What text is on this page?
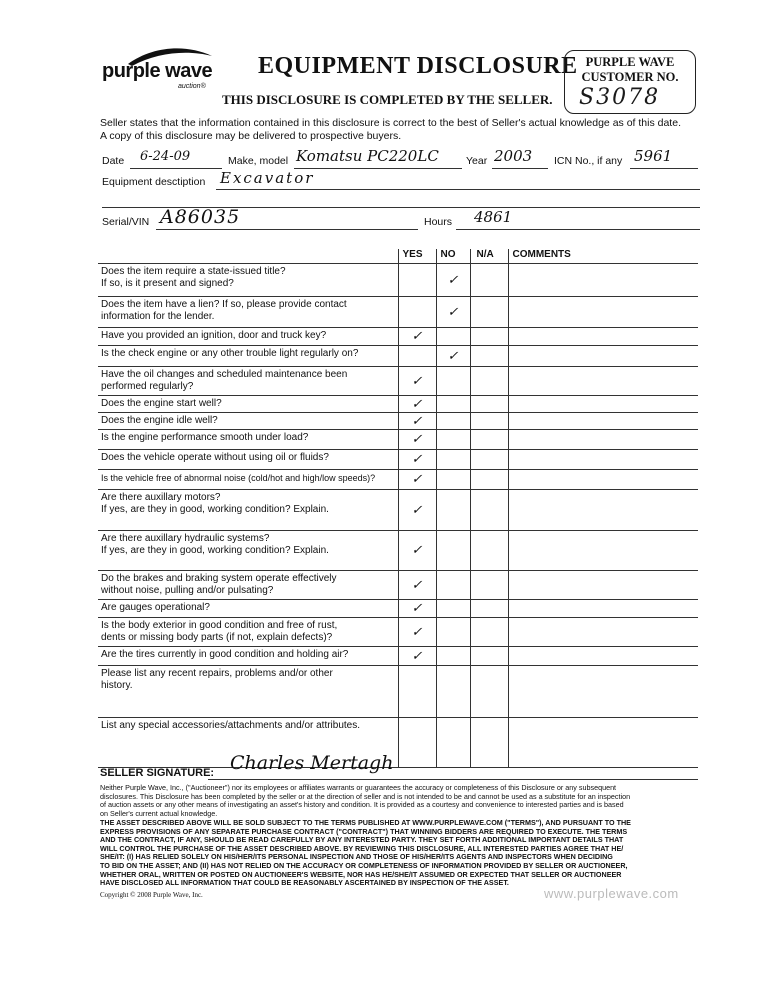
purple wave
auction®
EQUIPMENT DISCLOSURE
THIS DISCLOSURE IS COMPLETED BY THE SELLER.
PURPLE WAVE
CUSTOMER NO.
S3078
Seller states that the information contained in this disclosure is correct to the best of Seller's actual knowledge as of this date.
A copy of this disclosure may be delivered to prospective buyers.
Date 6-24-09	Make, model Komatsu PC220LC	Year 2003 ICN No., if any 5961
Equipment desctiption Excavator
Serial/VIN A86035	Hours 4861
	YES	NO	N/A	COMMENTS

Does the item require a state-issued title?
If so, is it present and signed?		✓		

Does the item have a lien? If so, please provide contact
information for the lender.		✓		

Have you provided an ignition, door and truck key?	✓			

Is the check engine or any other trouble light regularly on?		✓		

Have the oil changes and scheduled maintenance been
performed regularly?	✓			

Does the engine start well?	✓			

Does the engine idle well?	✓			

Is the engine performance smooth under load?	✓			

Does the vehicle operate without using oil or fluids?	✓			

Is the vehicle free of abnormal noise (cold/hot and high/low speeds)?	✓			

Are there auxillary motors?
If yes, are they in good, working condition? Explain.	✓			

Are there auxillary hydraulic systems?
If yes, are they in good, working condition? Explain.	✓			

Do the brakes and braking system operate effectively
without noise, pulling and/or pulsating?	✓			

Are gauges operational?	✓			

Is the body exterior in good condition and free of rust,
dents or missing body parts (if not, explain defects)?	✓			

Are the tires currently in good condition and holding air?	✓			

Please list any recent repairs, problems and/or other
history.				

List any special accessories/attachments and/or attributes.				

SELLER SIGNATURE: Charles Mertagh
Neither Purple Wave, Inc., ("Auctioneer") nor its employees or affiliates warrants or guarantees the accuracy or completeness of this Disclosure or any subsequent
disclosures. This Disclosure has been completed by the seller or at the direction of seller and is not intended to be and cannot be used as a substitute for an inspection
of auction assets or any other means of investigating an asset's history and condition. It is provided as a courtesy and convenience to interested parties and is based
on Seller's current actual knowledge.
THE ASSET DESCRIBED ABOVE WILL BE SOLD SUBJECT TO THE TERMS PUBLISHED AT WWW.PURPLEWAVE.COM ("TERMS"), AND PURSUANT TO THE
EXPRESS PROVISIONS OF ANY SEPARATE PURCHASE CONTRACT ("CONTRACT") THAT WINNING BIDDERS ARE REQUIRED TO EXECUTE. THE TERMS
AND THE CONTRACT, IF ANY, SHOULD BE READ CAREFULLY BY ANY INTERESTED PARTY. THEY SET FORTH ADDITIONAL IMPORTANT DETAILS THAT
WILL CONTROL THE PURCHASE OF THE ASSET DESCRIBED ABOVE. BY REVIEWING THIS DISCLOSURE, ALL INTERESTED PARTIES AGREE THAT HE/
SHE/IT: (I) HAS RELIED SOLELY ON HIS/HER/ITS PERSONAL INSPECTION AND THOSE OF HIS/HER/ITS AGENTS AND INSPECTORS WHEN DECIDING
TO BID ON THE ASSET; AND (II) HAS NOT RELIED ON THE ACCURACY OR COMPLETENESS OF INFORMATION PROVIDED BY SELLER OR AUCTIONEER,
WHETHER ORAL, WRITTEN OR POSTED ON AUCTIONEER'S WEBSITE, NOR HAS HE/SHE/IT ASSUMED OR EXPECTED THAT SELLER OR AUCTIONEER
HAVE DISCLOSED ALL INFORMATION THAT COULD BE REASONABLY ASCERTAINED BY INSPECTION OF THE ASSET.
Copyright © 2008 Purple Wave, Inc.	www.purplewave.com
